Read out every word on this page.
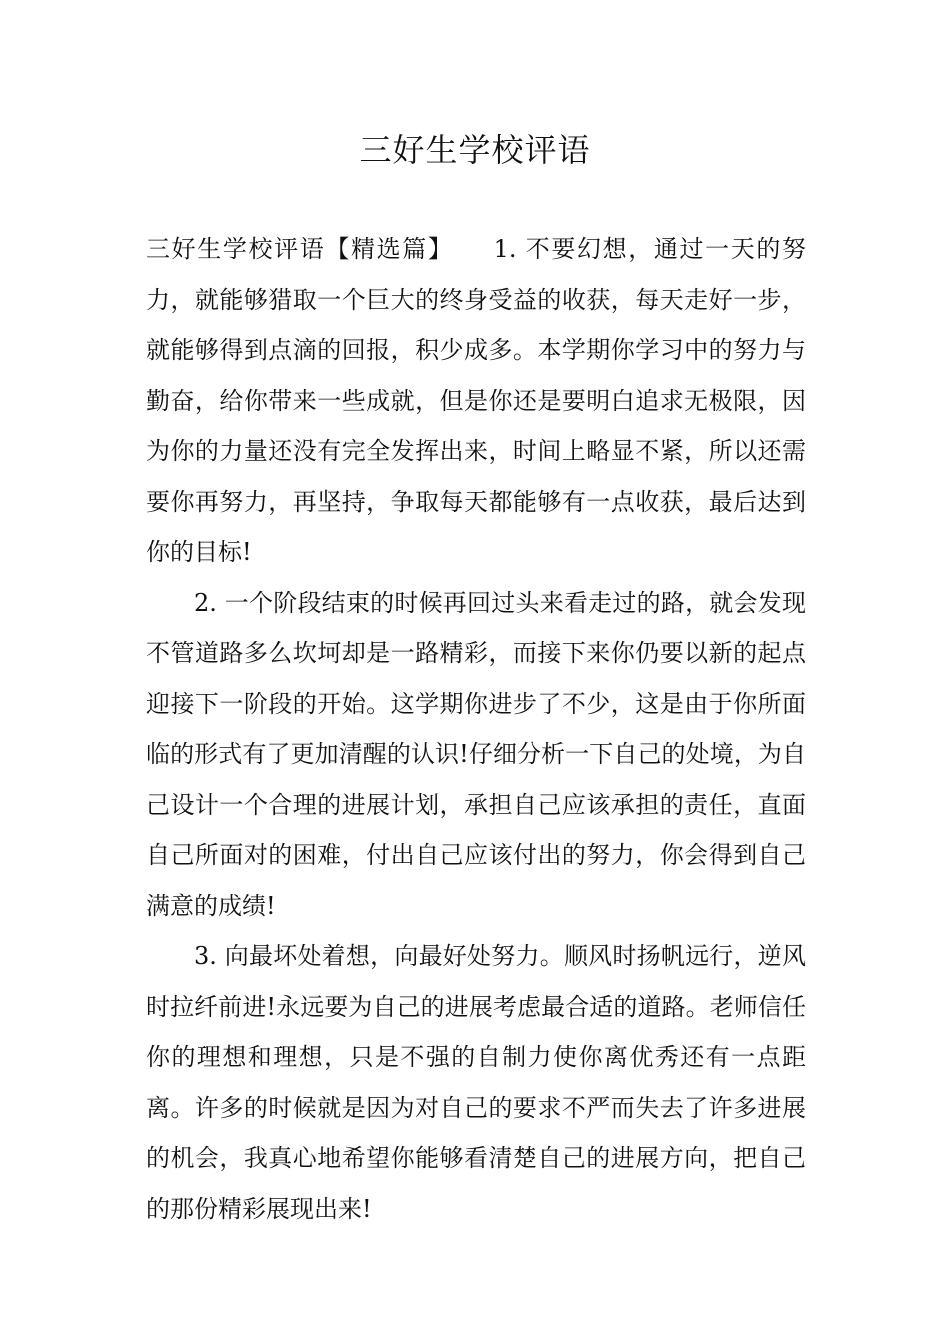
三好生学校评语

三好生学校评语【精选篇】 1. 不要幻想，通过一天的努力，就能够猎取一个巨大的终身受益的收获，每天走好一步，就能够得到点滴的回报，积少成多。本学期你学习中的努力与勤奋，给你带来一些成就，但是你还是要明白追求无极限，因为你的力量还没有完全发挥出来，时间上略显不紧，所以还需要你再努力，再坚持，争取每天都能够有一点收获，最后达到你的目标!

2. 一个阶段结束的时候再回过头来看走过的路，就会发现不管道路多么坎坷却是一路精彩，而接下来你仍要以新的起点迎接下一阶段的开始。这学期你进步了不少，这是由于你所面临的形式有了更加清醒的认识!仔细分析一下自己的处境，为自己设计一个合理的进展计划，承担自己应该承担的责任，直面自己所面对的困难，付出自己应该付出的努力，你会得到自己满意的成绩!

3. 向最坏处着想，向最好处努力。顺风时扬帆远行，逆风时拉纤前进!永远要为自己的进展考虑最合适的道路。老师信任你的理想和理想，只是不强的自制力使你离优秀还有一点距离。许多的时候就是因为对自己的要求不严而失去了许多进展的机会，我真心地希望你能够看清楚自己的进展方向，把自己的那份精彩展现出来!
